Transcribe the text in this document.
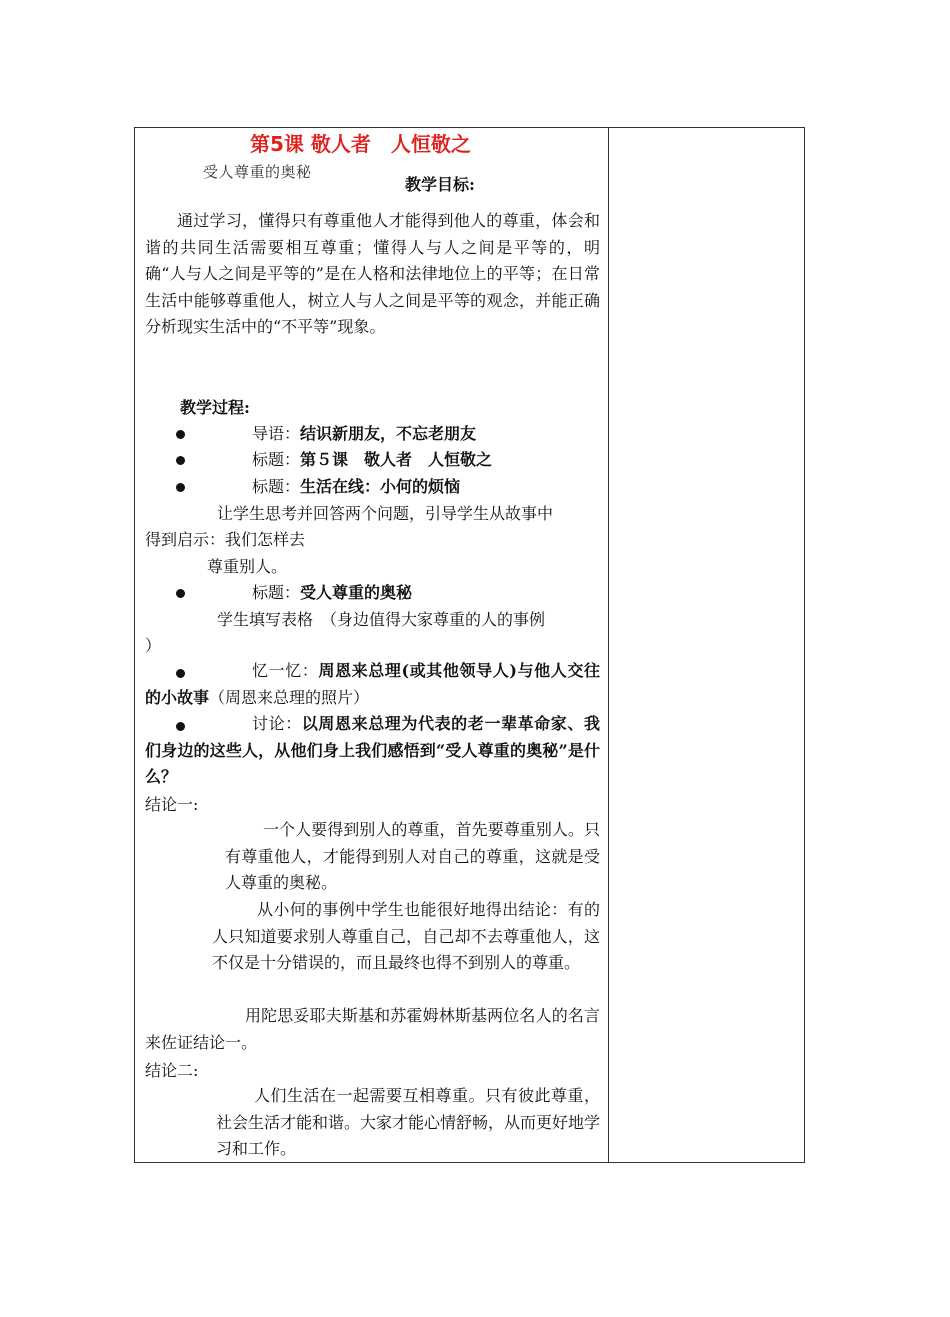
第5课 敬人者　人恒敬之
受人尊重的奥秘
教学目标:
通过学习，懂得只有尊重他人才能得到他人的尊重，体会和谐的共同生活需要相互尊重；懂得人与人之间是平等的，明确“人与人之间是平等的”是在人格和法律地位上的平等；在日常生活中能够尊重他人，树立人与人之间是平等的观念，并能正确分析现实生活中的“不平等”现象。
教学过程:
导语：结识新朋友，不忘老朋友
标题：第５课　敬人者　人恒敬之
标题：生活在线：小何的烦恼
让学生思考并回答两个问题，引导学生从故事中
得到启示：我们怎样去
尊重别人。
标题：受人尊重的奥秘
学生填写表格　（身边值得大家尊重的人的事例
）
忆一忆：周恩来总理(或其他领导人)与他人交往的小故事（周恩来总理的照片）
讨论：以周恩来总理为代表的老一辈革命家、我们身边的这些人，从他们身上我们感悟到“受人尊重的奥秘”是什么？
结论一:
一个人要得到别人的尊重，首先要尊重别人。只有尊重他人，才能得到别人对自己的尊重，这就是受人尊重的奥秘。
从小何的事例中学生也能很好地得出结论：有的人只知道要求别人尊重自己，自己却不去尊重他人，这不仅是十分错误的，而且最终也得不到别人的尊重。
用陀思妥耶夫斯基和苏霍姆林斯基两位名人的名言来佐证结论一。
结论二:
人们生活在一起需要互相尊重。只有彼此尊重，社会生活才能和谐。大家才能心情舒畅，从而更好地学习和工作。
